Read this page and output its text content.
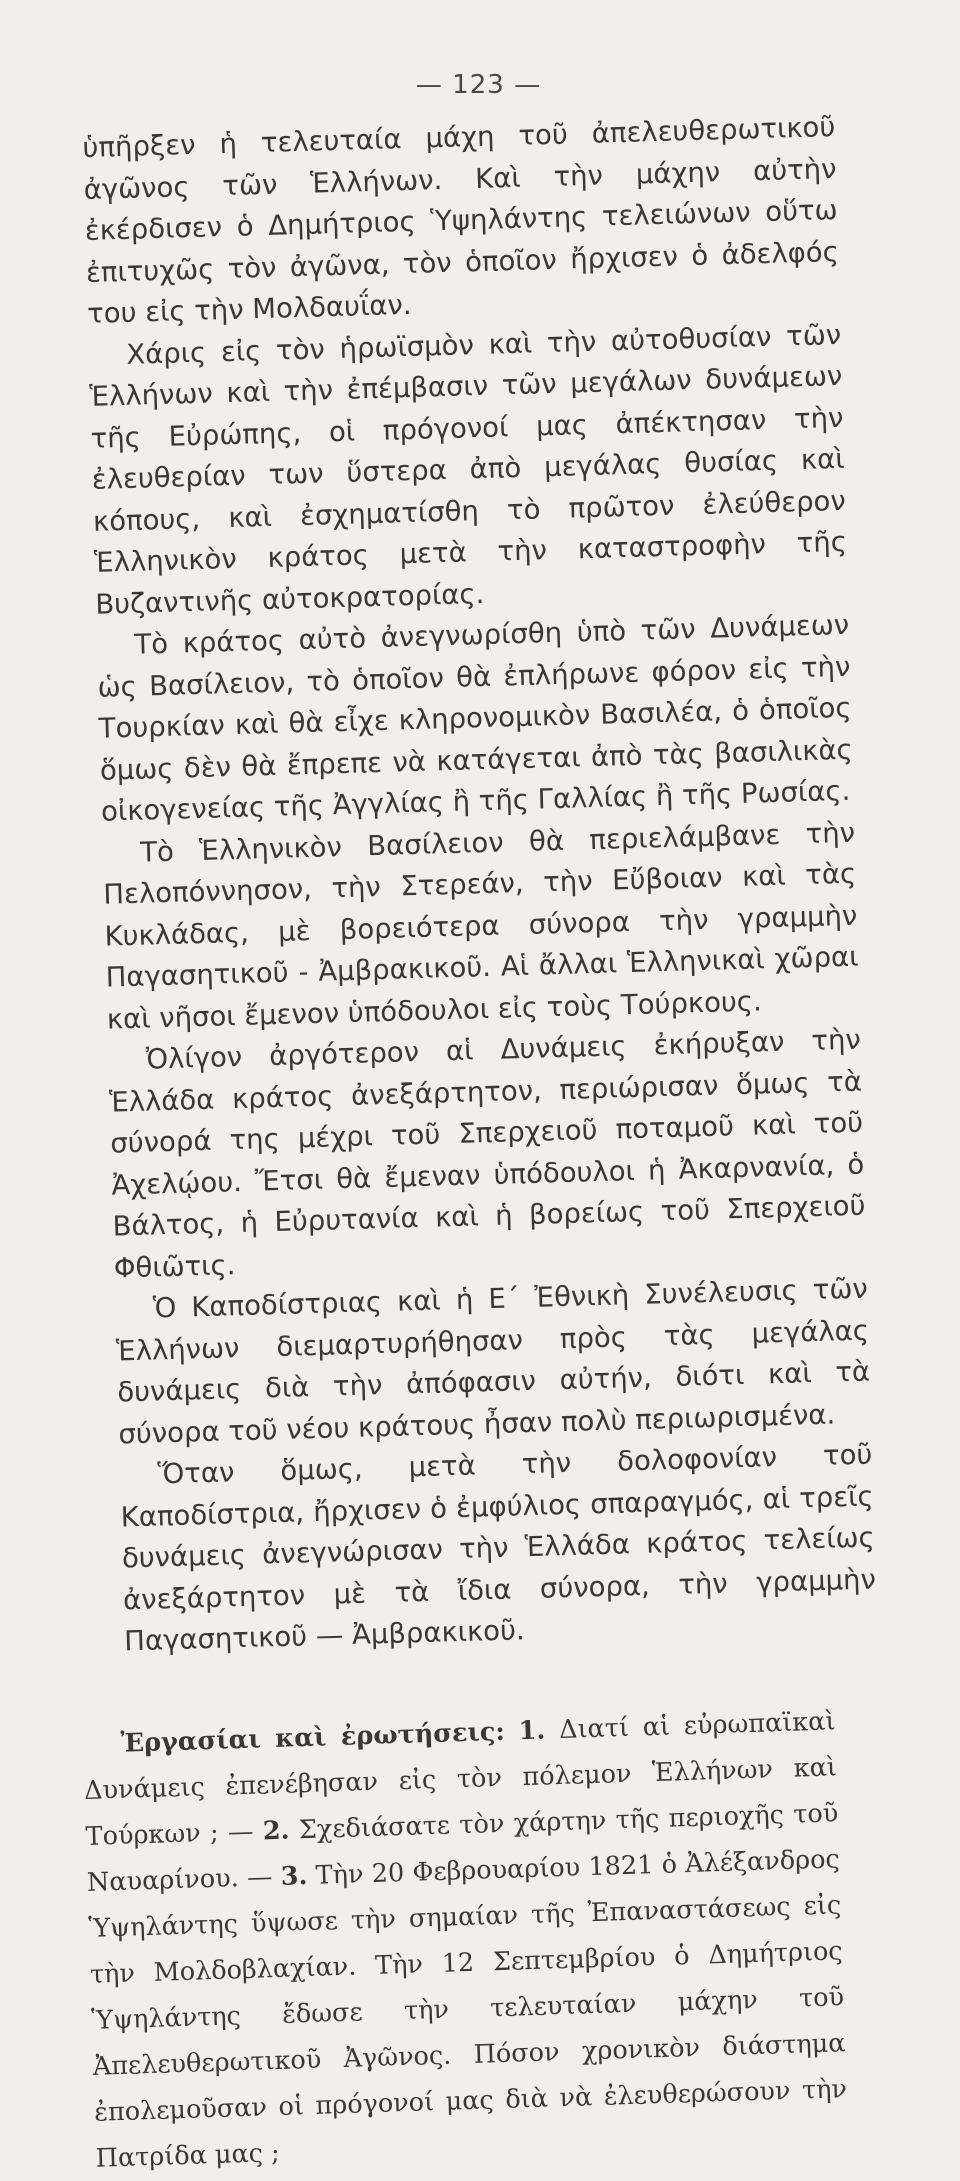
— 123 —

ὑπῆρξεν ἡ τελευταία μάχη τοῦ ἀπελευθερωτικοῦ ἀγῶνος τῶν Ἑλλήνων. Καὶ τὴν μάχην αὐτὴν ἐκέρδισεν ὁ Δημήτριος Ὑψηλάντης τελειώνων οὕτω ἐπιτυχῶς τὸν ἀγῶνα, τὸν ὁποῖον ἤρχισεν ὁ ἀδελφός του εἰς τὴν Μολδαυΐαν.

Χάρις εἰς τὸν ἡρωϊσμὸν καὶ τὴν αὐτοθυσίαν τῶν Ἑλλήνων καὶ τὴν ἐπέμβασιν τῶν μεγάλων δυνάμεων τῆς Εὐρώπης, οἱ πρόγονοί μας ἀπέκτησαν τὴν ἐλευθερίαν των ὕστερα ἀπὸ μεγάλας θυσίας καὶ κόπους, καὶ ἐσχηματίσθη τὸ πρῶτον ἐλεύθερον Ἑλληνικὸν κράτος μετὰ τὴν καταστροφὴν τῆς Βυζαντινῆς αὐτοκρατορίας.

Τὸ κράτος αὐτὸ ἀνεγνωρίσθη ὑπὸ τῶν Δυνάμεων ὡς Βασίλειον, τὸ ὁποῖον θὰ ἐπλήρωνε φόρον εἰς τὴν Τουρκίαν καὶ θὰ εἶχε κληρονομικὸν Βασιλέα, ὁ ὁποῖος ὅμως δὲν θὰ ἔπρεπε νὰ κατάγεται ἀπὸ τὰς βασιλικὰς οἰκογενείας τῆς Ἀγγλίας ἢ τῆς Γαλλίας ἢ τῆς Ρωσίας.

Τὸ Ἑλληνικὸν Βασίλειον θὰ περιελάμβανε τὴν Πελοπόννησον, τὴν Στερεάν, τὴν Εὔβοιαν καὶ τὰς Κυκλάδας, μὲ βορειότερα σύνορα τὴν γραμμὴν Παγασητικοῦ - Ἀμβρακικοῦ. Αἱ ἄλλαι Ἑλληνικαὶ χῶραι καὶ νῆσοι ἔμενον ὑπόδουλοι εἰς τοὺς Τούρκους.

Ὀλίγον ἀργότερον αἱ Δυνάμεις ἐκήρυξαν τὴν Ἑλλάδα κράτος ἀνεξάρτητον, περιώρισαν ὅμως τὰ σύνορά της μέχρι τοῦ Σπερχειοῦ ποταμοῦ καὶ τοῦ Ἀχελῴου. Ἔτσι θὰ ἔμεναν ὑπόδουλοι ἡ Ἀκαρνανία, ὁ Βάλτος, ἡ Εὐρυτανία καὶ ἡ βορείως τοῦ Σπερχειοῦ Φθιῶτις.

Ὁ Καποδίστριας καὶ ἡ Ε΄ Ἐθνικὴ Συνέλευσις τῶν Ἑλλήνων διεμαρτυρήθησαν πρὸς τὰς μεγάλας δυνάμεις διὰ τὴν ἀπόφασιν αὐτήν, διότι καὶ τὰ σύνορα τοῦ νέου κράτους ἦσαν πολὺ περιωρισμένα.

Ὅταν ὅμως, μετὰ τὴν δολοφονίαν τοῦ Καποδίστρια, ἤρχισεν ὁ ἐμφύλιος σπαραγμός, αἱ τρεῖς δυνάμεις ἀνεγνώρισαν τὴν Ἑλλάδα κράτος τελείως ἀνεξάρτητον μὲ τὰ ἴδια σύνορα, τὴν γραμμὴν Παγασητικοῦ — Ἀμβρακικοῦ.

Ἐργασίαι καὶ ἐρωτήσεις: 1. Διατί αἱ εὐρωπαϊκαὶ Δυνάμεις ἐπενέβησαν εἰς τὸν πόλεμον Ἑλλήνων καὶ Τούρκων ; — 2. Σχεδιάσατε τὸν χάρτην τῆς περιοχῆς τοῦ Ναυαρίνου. — 3. Τὴν 20 Φεβρουαρίου 1821 ὁ Ἀλέξανδρος Ὑψηλάντης ὕψωσε τὴν σημαίαν τῆς Ἐπαναστάσεως εἰς τὴν Μολδοβλαχίαν. Τὴν 12 Σεπτεμβρίου ὁ Δημήτριος Ὑψηλάντης ἔδωσε τὴν τελευταίαν μάχην τοῦ Ἀπελευθερωτικοῦ Ἀγῶνος. Πόσον χρονικὸν διάστημα ἐπολεμοῦσαν οἱ πρόγονοί μας διὰ νὰ ἐλευθερώσουν τὴν Πατρίδα μας ;
